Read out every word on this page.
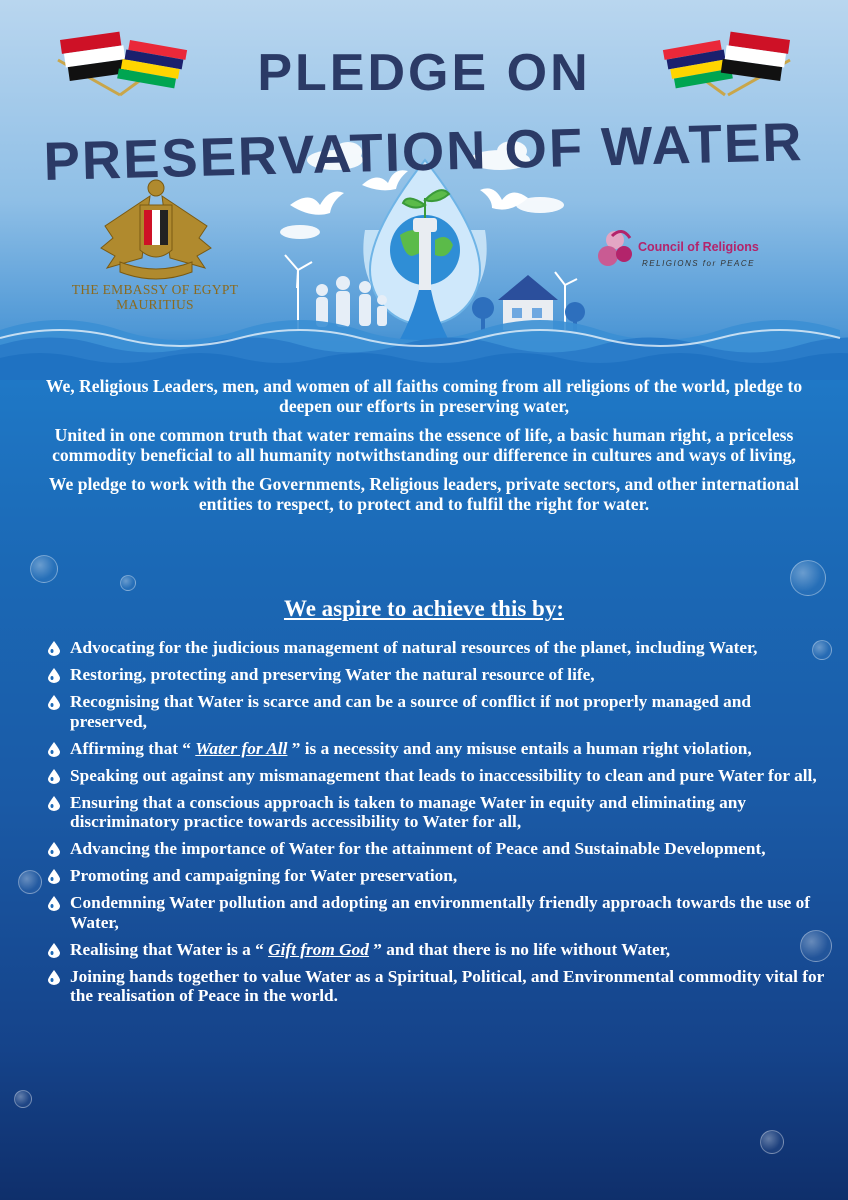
PLEDGE ON
PRESERVATION OF WATER
THE EMBASSY OF EGYPT
MAURITIUS
Council of Religions
RELIGIONS for PEACE

We, Religious Leaders, men, and women of all faiths coming from all religions of the world, pledge to deepen our efforts in preserving water,

United in one common truth that water remains the essence of life, a basic human right, a priceless commodity beneficial to all humanity notwithstanding our difference in cultures and ways of living,

We pledge to work with the Governments, Religious leaders, private sectors, and other international entities to respect, to protect and to fulfil the right for water.

We aspire to achieve this by:
Advocating for the judicious management of natural resources of the planet, including Water,
Restoring, protecting and preserving Water the natural resource of life,
Recognising that Water is scarce and can be a source of conflict if not properly managed and preserved,
Affirming that “ Water for All ” is a necessity and any misuse entails a human right violation,
Speaking out against any mismanagement that leads to inaccessibility to clean and pure Water for all,
Ensuring that a conscious approach is taken to manage Water in equity and eliminating any discriminatory practice towards accessibility to Water for all,
Advancing the importance of Water for the attainment of Peace and Sustainable Development,
Promoting and campaigning for Water preservation,
Condemning Water pollution and adopting an environmentally friendly approach towards the use of Water,
Realising that Water is a “ Gift from God ” and that there is no life without Water,
Joining hands together to value Water as a Spiritual, Political, and Environmental commodity vital for the realisation of Peace in the world.
